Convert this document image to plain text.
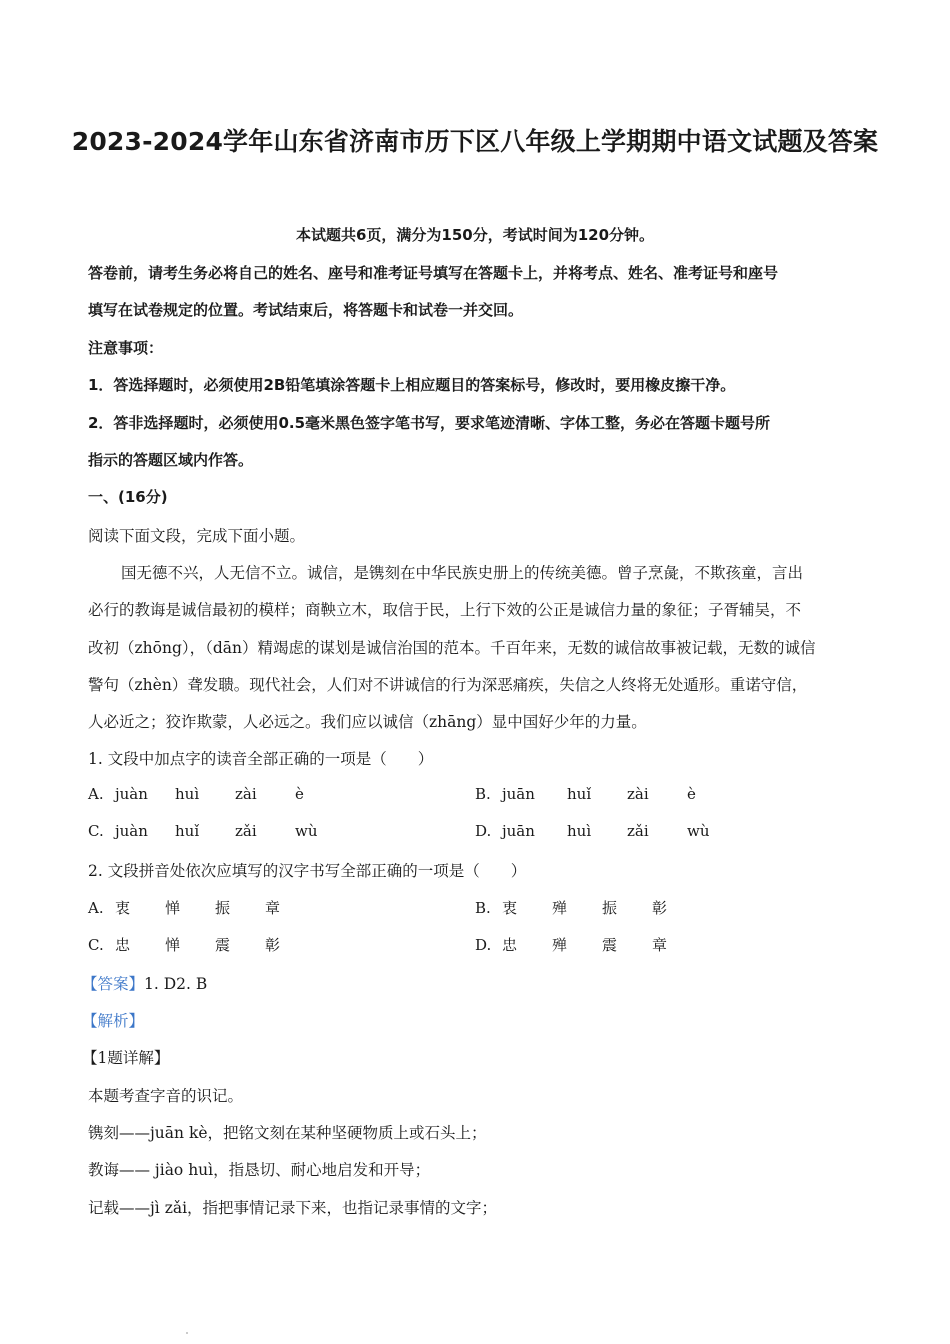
2023-2024学年山东省济南市历下区八年级上学期期中语文试题及答案
本试题共6页，满分为150分，考试时间为120分钟。
答卷前，请考生务必将自己的姓名、座号和准考证号填写在答题卡上，并将考点、姓名、准考证号和座号
填写在试卷规定的位置。考试结束后，将答题卡和试卷一并交回。
注意事项：
1．答选择题时，必须使用2B铅笔填涂答题卡上相应题目的答案标号，修改时，要用橡皮擦干净。
2．答非选择题时，必须使用0.5毫米黑色签字笔书写，要求笔迹清晰、字体工整，务必在答题卡题号所
指示的答题区域内作答。
一、(16分)
阅读下面文段，完成下面小题。
国无德不兴，人无信不立。诚信，是镌刻在中华民族史册上的传统美德。曾子烹彘，不欺孩童，言出
必行的教诲是诚信最初的模样；商鞅立木，取信于民，上行下效的公正是诚信力量的象征；子胥辅吴，不
改初（zhōng），（dān）精竭虑的谋划是诚信治国的范本。千百年来，无数的诚信故事被记载，无数的诚信
警句（zhèn）聋发聩。现代社会，人们对不讲诚信的行为深恶痛疾，失信之人终将无处遁形。重诺守信，
人必近之；狡诈欺蒙，人必远之。我们应以诚信（zhāng）显中国好少年的力量。
1. 文段中加点字的读音全部正确的一项是（　　）
A. juàn huì zài	è	B. juān huǐ zài	è
C. juàn huǐ zǎi	wù	D. juān huì zǎi	wù
2. 文段拼音处依次应填写的汉字书写全部正确的一项是（　　）
A. 衷 惮 振 章	B. 衷 殚 振 彰
C. 忠 惮 震 彰	D. 忠 殚 震 章
【答案】1. D2. B
【解析】
【1题详解】
本题考查字音的识记。
镌刻——juān kè，把铭文刻在某种坚硬物质上或石头上；
教诲—— jiào huì，指恳切、耐心地启发和开导；
记载——jì zǎi，指把事情记录下来，也指记录事情的文字；
